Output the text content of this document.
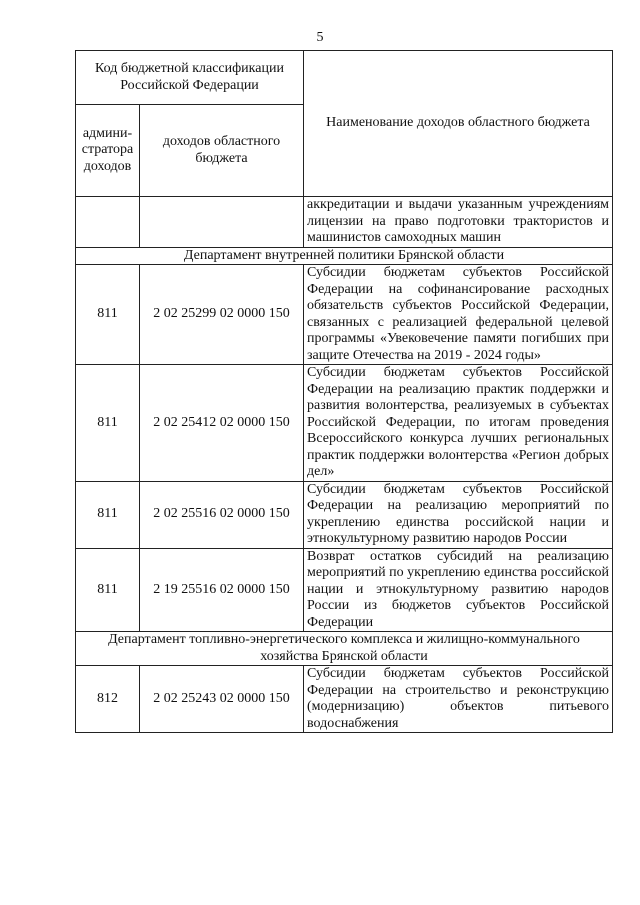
5
Код бюджетной классификации Российской Федерации		Наименование доходов областного бюджета
админи-стратора доходов	доходов областного бюджета	
		аккредитации и выдачи указанным учреждениям лицензии на право подготовки трактористов и машинистов самоходных машин
Департамент внутренней политики Брянской области		
811	2 02 25299 02 0000 150	Субсидии бюджетам субъектов Российской Федерации на софинансирование расходных обязательств субъектов Российской Федерации, связанных с реализацией федеральной целевой программы «Увековечение памяти погибших при защите Отечества на 2019 - 2024 годы»
811	2 02 25412 02 0000 150	Субсидии бюджетам субъектов Российской Федерации на реализацию практик поддержки и развития волонтерства, реализуемых в субъектах Российской Федерации, по итогам проведения Всероссийского конкурса лучших региональных практик поддержки волонтерства «Регион добрых дел»
811	2 02 25516 02 0000 150	Субсидии бюджетам субъектов Российской Федерации на реализацию мероприятий по укреплению единства российской нации и этнокультурному развитию народов России
811	2 19 25516 02 0000 150	Возврат остатков субсидий на реализацию мероприятий по укреплению единства российской нации и этнокультурному развитию народов России из бюджетов субъектов Российской Федерации
Департамент топливно-энергетического комплекса и жилищно-коммунального хозяйства Брянской области		
812	2 02 25243 02 0000 150	Субсидии бюджетам субъектов Российской Федерации на строительство и реконструкцию (модернизацию) объектов питьевого водоснабжения
